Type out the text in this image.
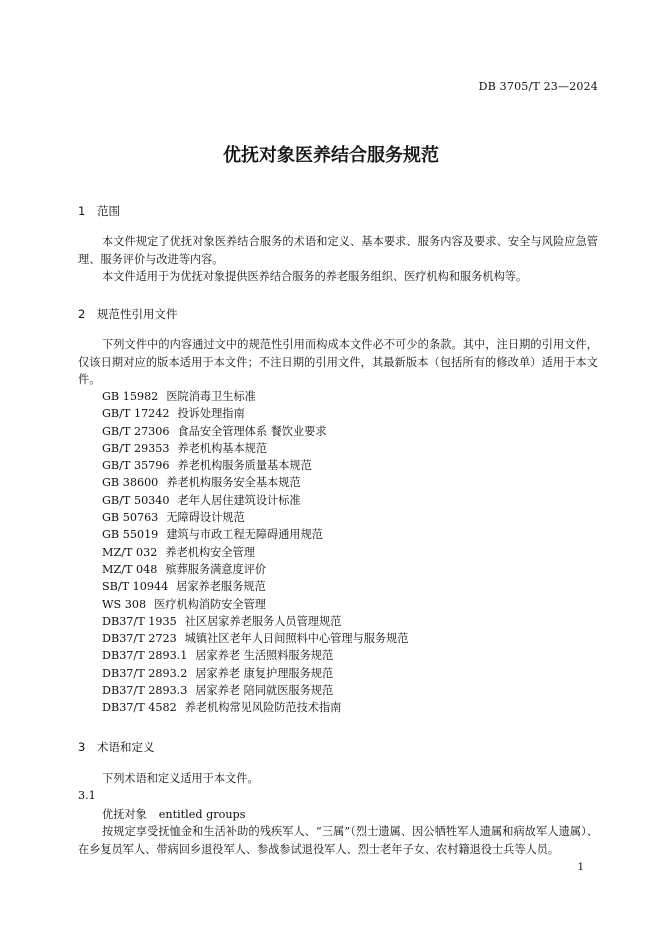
DB 3705/T 23—2024
优抚对象医养结合服务规范
1 范围
本文件规定了优抚对象医养结合服务的术语和定义、基本要求、服务内容及要求、安全与风险应急管理、服务评价与改进等内容。
本文件适用于为优抚对象提供医养结合服务的养老服务组织、医疗机构和服务机构等。
2 规范性引用文件
下列文件中的内容通过文中的规范性引用而构成本文件必不可少的条款。其中，注日期的引用文件，仅该日期对应的版本适用于本文件；不注日期的引用文件，其最新版本（包括所有的修改单）适用于本文件。
GB 15982 医院消毒卫生标准
GB/T 17242 投诉处理指南
GB/T 27306 食品安全管理体系 餐饮业要求
GB/T 29353 养老机构基本规范
GB/T 35796 养老机构服务质量基本规范
GB 38600 养老机构服务安全基本规范
GB/T 50340 老年人居住建筑设计标准
GB 50763 无障碍设计规范
GB 55019 建筑与市政工程无障碍通用规范
MZ/T 032 养老机构安全管理
MZ/T 048 殡葬服务满意度评价
SB/T 10944 居家养老服务规范
WS 308 医疗机构消防安全管理
DB37/T 1935 社区居家养老服务人员管理规范
DB37/T 2723 城镇社区老年人日间照料中心管理与服务规范
DB37/T 2893.1 居家养老 生活照料服务规范
DB37/T 2893.2 居家养老 康复护理服务规范
DB37/T 2893.3 居家养老 陪同就医服务规范
DB37/T 4582 养老机构常见风险防范技术指南
3 术语和定义
下列术语和定义适用于本文件。
3.1
优抚对象 entitled groups
按规定享受抚恤金和生活补助的残疾军人、“三属”（烈士遗属、因公牺牲军人遗属和病故军人遗属）、在乡复员军人、带病回乡退役军人、参战参试退役军人、烈士老年子女、农村籍退役士兵等人员。
1
